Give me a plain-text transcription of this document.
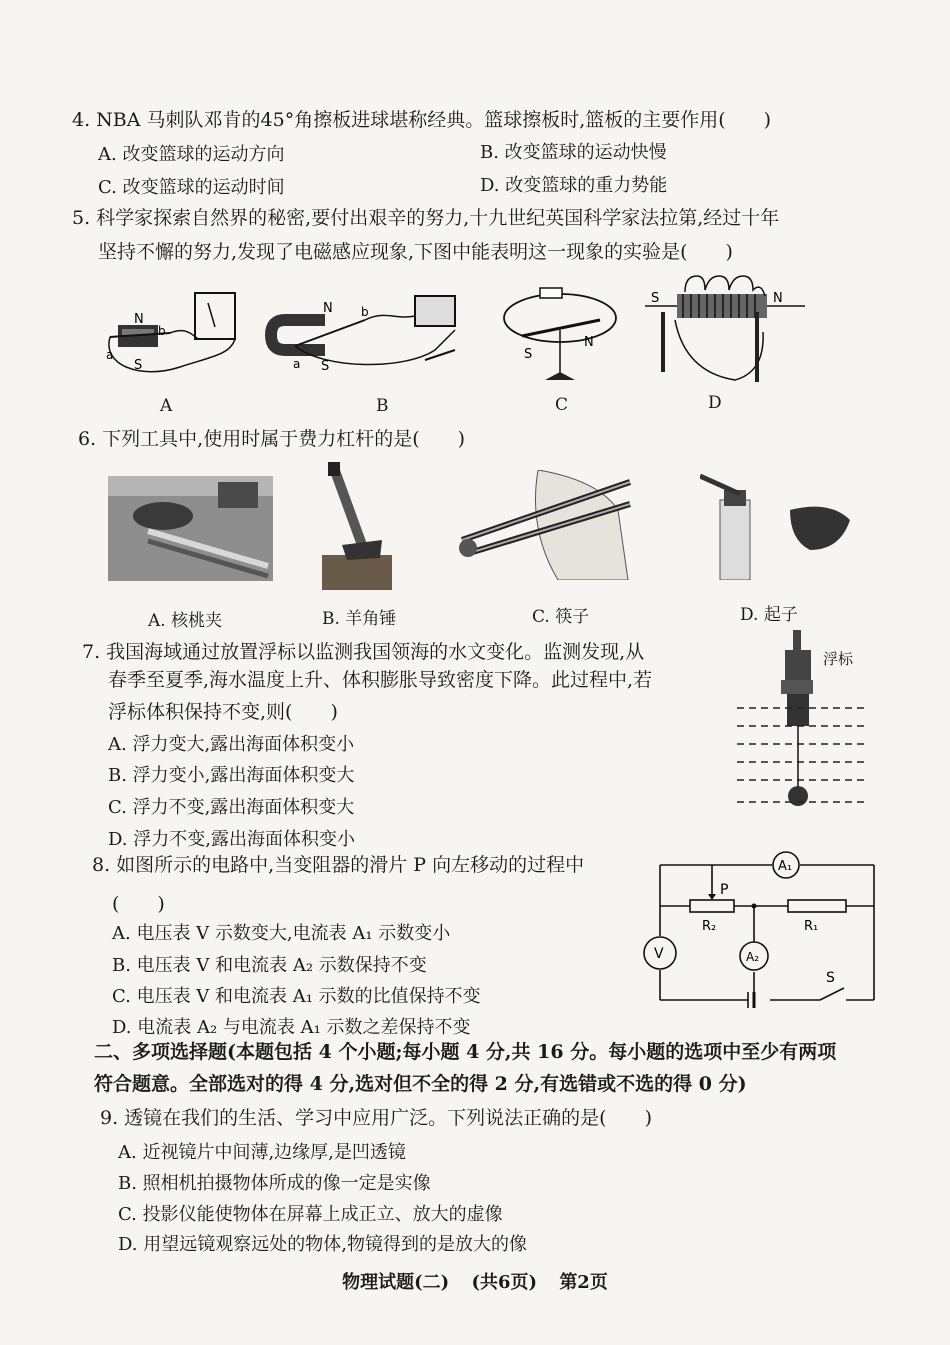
4. NBA 马刺队邓肯的45°角擦板进球堪称经典。篮球擦板时,篮板的主要作用(　　)
A. 改变篮球的运动方向	B. 改变篮球的运动快慢
C. 改变篮球的运动时间	D. 改变篮球的重力势能
5. 科学家探索自然界的秘密,要付出艰辛的努力,十九世纪英国科学家法拉第,经过十年
坚持不懈的努力,发现了电磁感应现象,下图中能表明这一现象的实验是(　　)
N
b
a
S
A
N b
a S
B
S
N
C
S	N
D
6. 下列工具中,使用时属于费力杠杆的是(　　)
A. 核桃夹	B. 羊角锤	C. 筷子	D. 起子
7. 我国海域通过放置浮标以监测我国领海的水文变化。监测发现,从
春季至夏季,海水温度上升、体积膨胀导致密度下降。此过程中,若
浮标体积保持不变,则(　　)
A. 浮力变大,露出海面体积变小
B. 浮力变小,露出海面体积变大
C. 浮力不变,露出海面体积变大
D. 浮力不变,露出海面体积变小
浮标
8. 如图所示的电路中,当变阻器的滑片 P 向左移动的过程中
(　　)
A. 电压表 V 示数变大,电流表 A₁ 示数变小
B. 电压表 V 和电流表 A₂ 示数保持不变
C. 电压表 V 和电流表 A₁ 示数的比值保持不变
D. 电流表 A₂ 与电流表 A₁ 示数之差保持不变
A₁
V	A₂
P
R₂	R₁
S
二、多项选择题(本题包括 4 个小题;每小题 4 分,共 16 分。每小题的选项中至少有两项
符合题意。全部选对的得 4 分,选对但不全的得 2 分,有选错或不选的得 0 分)
9. 透镜在我们的生活、学习中应用广泛。下列说法正确的是(　　)
A. 近视镜片中间薄,边缘厚,是凹透镜
B. 照相机拍摄物体所成的像一定是实像
C. 投影仪能使物体在屏幕上成正立、放大的虚像
D. 用望远镜观察远处的物体,物镜得到的是放大的像
物理试题(二) (共6页) 第2页
